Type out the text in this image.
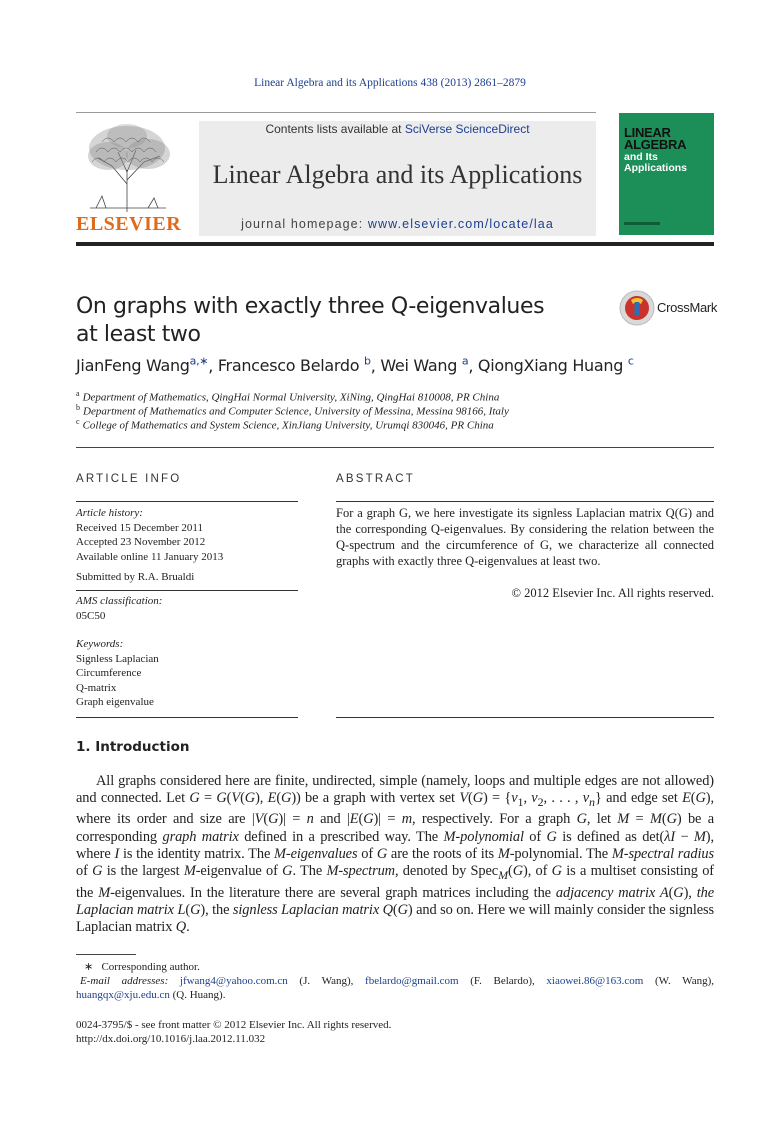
Linear Algebra and its Applications 438 (2013) 2861–2879
ELSEVIER
Contents lists available at SciVerse ScienceDirect
Linear Algebra and its Applications
journal homepage: www.elsevier.com/locate/laa
LINEAR
ALGEBRA
and Its
Applications
On graphs with exactly three Q-eigenvalues
at least two
CrossMark
JianFeng Wang$^{a,∗}$, Francesco Belardo $^b$, Wei Wang $^a$, QiongXiang Huang $^c$
$^a$ Department of Mathematics, QingHai Normal University, XiNing, QingHai 810008, PR China
$^b$ Department of Mathematics and Computer Science, University of Messina, Messina 98166, Italy
$^c$ College of Mathematics and System Science, XinJiang University, Urumqi 830046, PR China
ARTICLE INFO
Article history:
Received 15 December 2011
Accepted 23 November 2012
Available online 11 January 2013
Submitted by R.A. Brualdi
AMS classification:
05C50
Keywords:
Signless Laplacian
Circumference
Q-matrix
Graph eigenvalue
ABSTRACT
For a graph G, we here investigate its signless Laplacian matrix Q(G) and the corresponding Q-eigenvalues. By considering the relation between the Q-spectrum and the circumference of G, we characterize all connected graphs with exactly three Q-eigenvalues at least two.
© 2012 Elsevier Inc. All rights reserved.
1. Introduction
All graphs considered here are finite, undirected, simple (namely, loops and multiple edges are not allowed) and connected. Let G = G(V(G), E(G)) be a graph with vertex set $V(G) = \{v_1$, $v_2$, . . . , $v_n$} and edge set E(G), where its order and size are |V(G)| = n and |E(G)| = m, respectively. For a graph G, let M = M(G) be a corresponding graph matrix defined in a prescribed way. The M-polynomial of G is defined as det(λI − M), where I is the identity matrix. The M-eigenvalues of G are the roots of its M-polynomial. The M-spectral radius of G is the largest M-eigenvalue of G. The M-spectrum, denoted by Spec$_M$(G), of G is a multiset consisting of the M-eigenvalues. In the literature there are several graph matrices including the adjacency matrix A(G), the Laplacian matrix L(G), the signless Laplacian matrix Q(G) and so on. Here we will mainly consider the signless Laplacian matrix Q.
∗ Corresponding author.
E-mail addresses: jfwang4@yahoo.com.cn (J. Wang), fbelardo@gmail.com (F. Belardo), xiaowei.86@163.com (W. Wang), huangqx@xju.edu.cn (Q. Huang).
0024-3795/$ - see front matter © 2012 Elsevier Inc. All rights reserved.
http://dx.doi.org/10.1016/j.laa.2012.11.032
